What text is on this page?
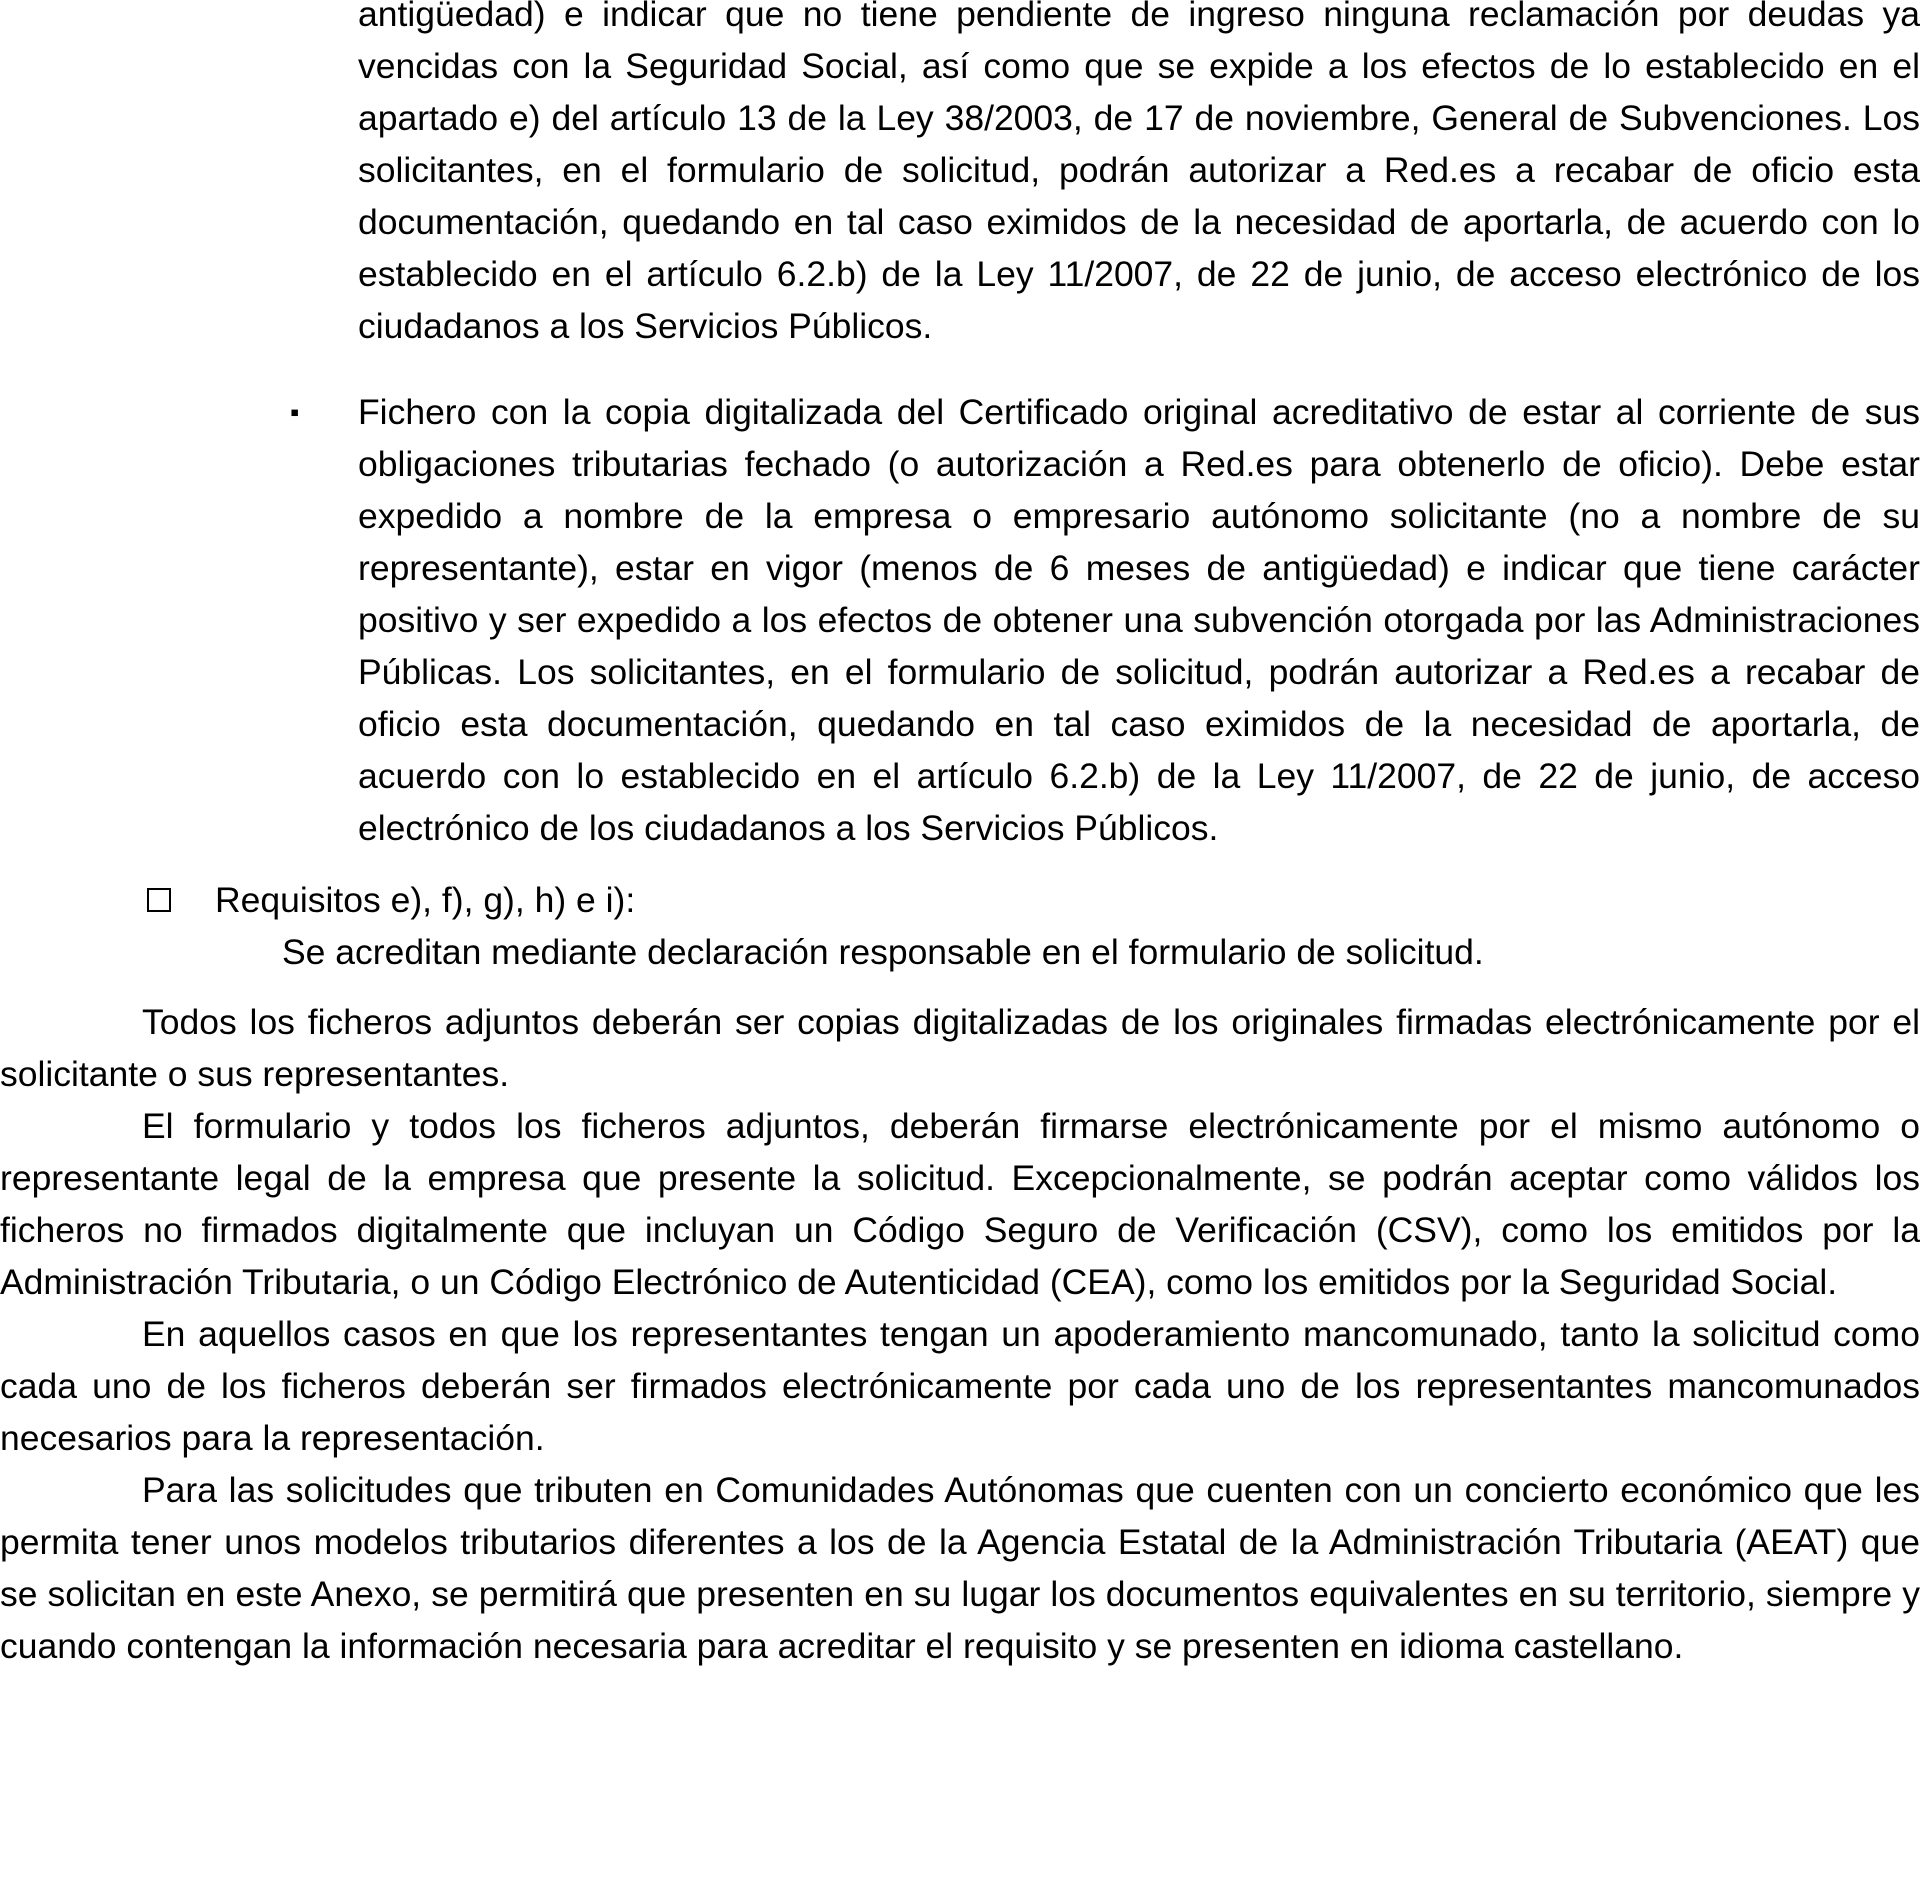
antigüedad) e indicar que no tiene pendiente de ingreso ninguna reclamación por deudas ya vencidas con la Seguridad Social, así como que se expide a los efectos de lo establecido en el apartado e) del artículo 13 de la Ley 38/2003, de 17 de noviembre, General de Subvenciones. Los solicitantes, en el formulario de solicitud, podrán autorizar a Red.es a recabar de oficio esta documentación, quedando en tal caso eximidos de la necesidad de aportarla, de acuerdo con lo establecido en el artículo 6.2.b) de la Ley 11/2007, de 22 de junio, de acceso electrónico de los ciudadanos a los Servicios Públicos.
▪ Fichero con la copia digitalizada del Certificado original acreditativo de estar al corriente de sus obligaciones tributarias fechado (o autorización a Red.es para obtenerlo de oficio). Debe estar expedido a nombre de la empresa o empresario autónomo solicitante (no a nombre de su representante), estar en vigor (menos de 6 meses de antigüedad) e indicar que tiene carácter positivo y ser expedido a los efectos de obtener una subvención otorgada por las Administraciones Públicas. Los solicitantes, en el formulario de solicitud, podrán autorizar a Red.es a recabar de oficio esta documentación, quedando en tal caso eximidos de la necesidad de aportarla, de acuerdo con lo establecido en el artículo 6.2.b) de la Ley 11/2007, de 22 de junio, de acceso electrónico de los ciudadanos a los Servicios Públicos.
Requisitos e), f), g), h) e i):
Se acreditan mediante declaración responsable en el formulario de solicitud.
Todos los ficheros adjuntos deberán ser copias digitalizadas de los originales firmadas electrónicamente por el solicitante o sus representantes.
El formulario y todos los ficheros adjuntos, deberán firmarse electrónicamente por el mismo autónomo o representante legal de la empresa que presente la solicitud. Excepcionalmente, se podrán aceptar como válidos los ficheros no firmados digitalmente que incluyan un Código Seguro de Verificación (CSV), como los emitidos por la Administración Tributaria, o un Código Electrónico de Autenticidad (CEA), como los emitidos por la Seguridad Social.
En aquellos casos en que los representantes tengan un apoderamiento mancomunado, tanto la solicitud como cada uno de los ficheros deberán ser firmados electrónicamente por cada uno de los representantes mancomunados necesarios para la representación.
Para las solicitudes que tributen en Comunidades Autónomas que cuenten con un concierto económico que les permita tener unos modelos tributarios diferentes a los de la Agencia Estatal de la Administración Tributaria (AEAT) que se solicitan en este Anexo, se permitirá que presenten en su lugar los documentos equivalentes en su territorio, siempre y cuando contengan la información necesaria para acreditar el requisito y se presenten en idioma castellano.
